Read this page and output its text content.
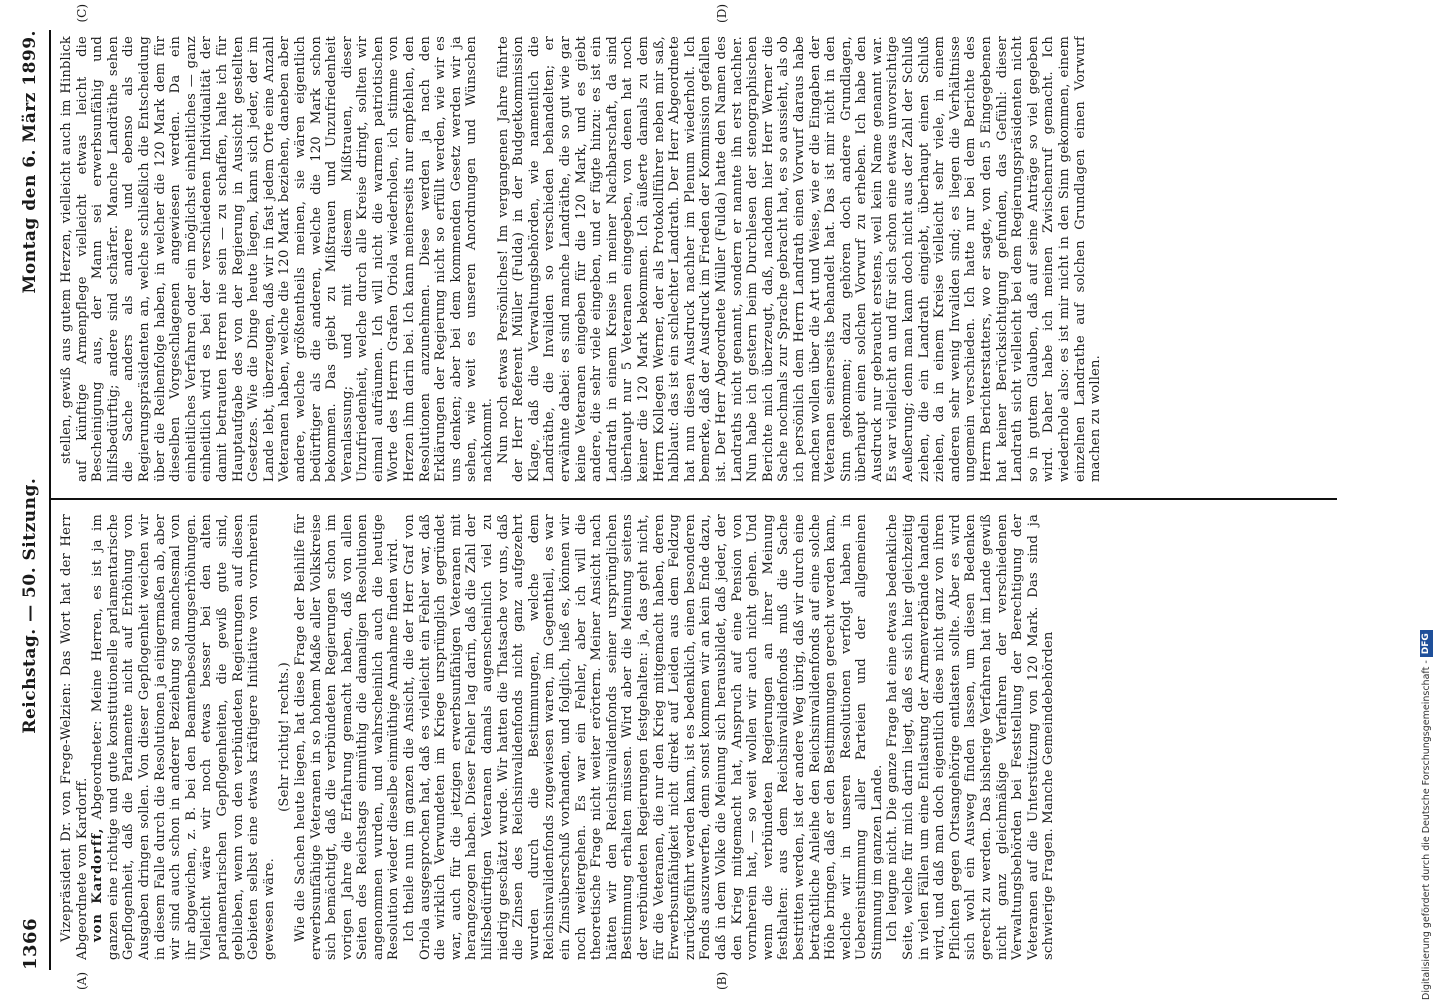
1366
Reichstag. — 50. Sitzung.
Montag den 6. März 1899.
(A)	(B)
(C)	(D)

Vizepräsident Dr. von Frege-Welzien: Das Wort hat der Herr Abgeordnete von Kardorff. von Kardorff, Abgeordneter: Meine Herren, es ist ja im ganzen eine richtige und gute konstitutionelle parlamentarische Gepflogenheit, daß die Parlamente nicht auf Erhöhung von Ausgaben dringen sollen. Von dieser Gepflogenheit weichen wir in diesem Falle durch die Resolutionen ja einigermaßen ab, aber wir sind auch schon in anderer Beziehung so manchesmal von ihr abgewichen, z. B. bei den Beamtenbesoldungserhöhungen. Vielleicht wäre wir noch etwas besser bei den alten parlamentarischen Gepflogenheiten, die gewiß gute sind, geblieben, wenn von den verbündeten Regierungen auf diesen Gebieten selbst eine etwas kräftigere Initiative von vornherein gewesen wäre.

(Sehr richtig! rechts.) Wie die Sachen heute liegen, hat diese Frage der Beihilfe für erwerbsunfähige Veteranen in so hohem Maße aller Volkskreise sich bemächtigt, daß die verbündeten Regierungen schon im vorigen Jahre die Erfahrung gemacht haben, daß von allen Seiten des Reichstags einmüthig die damaligen Resolutionen angenommen wurden, und wahrscheinlich auch die heutige Resolution wieder dieselbe einmüthige Annahme finden wird. Ich theile nun im ganzen die Ansicht, die der Herr Graf von Oriola ausgesprochen hat, daß es vielleicht ein Fehler war, daß die wirklich Verwundeten im Kriege ursprünglich gegründet war, auch für die jetzigen erwerbsunfähigen Veteranen mit herangezogen haben. Dieser Fehler lag darin, daß die Zahl der hilfsbedürftigen Veteranen damals augenscheinlich viel zu niedrig geschätzt wurde. Wir hatten die Thatsache vor uns, daß die Zinsen des Reichsinvalidenfonds nicht ganz aufgezehrt wurden durch die Bestimmungen, welche dem Reichsinvalidenfonds zugewiesen waren, im Gegentheil, es war ein Zinsüberschuß vorhanden, und folglich, hieß es, können wir noch weitergehen. Es war ein Fehler, aber ich will die theoretische Frage nicht weiter erörtern. Meiner Ansicht nach hätten wir den Reichsinvalidenfonds seiner ursprünglichen Bestimmung erhalten müssen. Wird aber die Meinung seitens der verbündeten Regierungen festgehalten: ja, das geht nicht, für die Veteranen, die nur den Krieg mitgemacht haben, deren Erwerbsunfähigkeit nicht direkt auf Leiden aus dem Feldzug zurückgeführt werden kann, ist es bedenklich, einen besonderen Fonds auszuwerfen, denn sonst kommen wir an kein Ende dazu, daß in dem Volke die Meinung sich herausbildet, daß jeder, der den Krieg mitgemacht hat, Anspruch auf eine Pension von vornherein hat, — so weit wollen wir auch nicht gehen. Und wenn die verbündeten Regierungen an ihrer Meinung festhalten: aus dem Reichsinvalidenfonds muß die Sache bestritten werden, ist der andere Weg übrig, daß wir durch eine beträchtliche Anleihe den Reichsinvalidenfonds auf eine solche Höhe bringen, daß er den Bestimmungen gerecht werden kann, welche wir in unseren Resolutionen verfolgt haben in Uebereinstimmung aller Parteien und der allgemeinen Stimmung im ganzen Lande. Ich leugne nicht. Die ganze Frage hat eine etwas bedenkliche Seite, welche für mich darin liegt, daß es sich hier gleichzeitig in vielen Fällen um eine Entlastung der Armenverbände handeln wird, und daß man doch eigentlich diese nicht ganz von ihren Pflichten gegen Ortsangehörige entlasten sollte. Aber es wird sich wohl ein Ausweg finden lassen, um diesen Bedenken gerecht zu werden. Das bisherige Verfahren hat im Lande gewiß nicht ganz gleichmäßige Verfahren der verschiedenen Verwaltungsbehörden bei Feststellung der Berechtigung der Veteranen auf die Unterstützung von 120 Mark. Das sind ja schwierige Fragen. Manche Gemeindebehörden

stellen, gewiß aus gutem Herzen, vielleicht auch im Hinblick auf künftige Armenpflege vielleicht etwas leicht die Bescheinigung aus, der Mann sei erwerbsunfähig und hilfsbedürftig; andere sind schärfer. Manche Landräthe sehen die Sache anders als andere und ebenso als die Regierungspräsidenten an, welche schließlich die Entscheidung über die Reihenfolge haben, in welcher die 120 Mark dem für dieselben Vorgeschlagenen angewiesen werden. Da ein einheitliches Verfahren oder ein möglichst einheitliches — ganz einheitlich wird es bei der verschiedenen Individualität der damit betrauten Herren nie sein — zu schaffen, halte ich für Hauptaufgabe des von der Regierung in Aussicht gestellten Gesetzes. Wie die Dinge heute liegen, kann sich jeder, der im Lande lebt, überzeugen, daß wir in fast jedem Orte eine Anzahl Veteranen haben, welche die 120 Mark beziehen, daneben aber andere, welche größtentheils meinen, sie wären eigentlich bedürftiger als die anderen, welche die 120 Mark schon bekommen. Das giebt zu Mißtrauen und Unzufriedenheit Veranlassung; und mit diesem Mißtrauen, dieser Unzufriedenheit, welche durch alle Kreise dringt, sollten wir einmal aufräumen. Ich will nicht die warmen patriotischen Worte des Herrn Grafen Oriola wiederholen, ich stimme von Herzen ihm darin bei. Ich kann meinerseits nur empfehlen, den Resolutionen anzunehmen. Diese werden ja nach den Erklärungen der Regierung nicht so erfüllt werden, wie wir es uns denken; aber bei dem kommenden Gesetz werden wir ja sehen, wie weit es unseren Anordnungen und Wünschen nachkommt. Nun noch etwas Persönliches! Im vergangenen Jahre führte der Herr Referent Müller (Fulda) in der Budgetkommission Klage, daß die Verwaltungsbehörden, wie namentlich die Landräthe, die Invaliden so verschieden behandelten; er erwähnte dabei: es sind manche Landräthe, die so gut wie gar keine Veteranen eingeben für die 120 Mark, und es giebt andere, die sehr viele eingeben, und er fügte hinzu: es ist ein Landrath in einem Kreise in meiner Nachbarschaft, da sind überhaupt nur 5 Veteranen eingegeben, von denen hat noch keiner die 120 Mark bekommen. Ich äußerte damals zu dem Herrn Kollegen Werner, der als Protokollführer neben mir saß, halblaut: das ist ein schlechter Landrath. Der Herr Abgeordnete hat nun diesen Ausdruck nachher im Plenum wiederholt. Ich bemerke, daß der Ausdruck im Frieden der Kommission gefallen ist. Der Herr Abgeordnete Müller (Fulda) hatte den Namen des Landraths nicht genannt, sondern er nannte ihn erst nachher. Nun habe ich gestern beim Durchlesen der stenographischen Berichte mich überzeugt, daß, nachdem hier Herr Werner die Sache nochmals zur Sprache gebracht hat, es so aussieht, als ob ich persönlich dem Herrn Landrath einen Vorwurf daraus habe machen wollen über die Art und Weise, wie er die Eingaben der Veteranen seinerseits behandelt hat. Das ist mir nicht in den Sinn gekommen; dazu gehören doch andere Grundlagen, überhaupt einen solchen Vorwurf zu erheben. Ich habe den Ausdruck nur gebraucht erstens, weil kein Name genannt war. Es war vielleicht an und für sich schon eine etwas unvorsichtige Aeußerung; denn man kann doch nicht aus der Zahl der Schluß ziehen, die ein Landrath eingiebt, überhaupt einen Schluß ziehen, da in einem Kreise vielleicht sehr viele, in einem anderen sehr wenig Invaliden sind; es liegen die Verhältnisse ungemein verschieden. Ich hatte nur bei dem Berichte des Herrn Berichterstatters, wo er sagte, von den 5 Eingegebenen hat keiner Berücksichtigung gefunden, das Gefühl: dieser Landrath sicht vielleicht bei dem Regierungspräsidenten nicht so in gutem Glauben, daß auf seine Anträge so viel gegeben wird. Daher habe ich meinen Zwischenruf gemacht. Ich wiederhole also: es ist mir nicht in den Sinn gekommen, einem einzelnen Landrathe auf solchen Grundlagen einen Vorwurf machen zu wollen.

Digitalisierung gefördert durch die Deutsche Forschungsgemeinschaft -
DFG
